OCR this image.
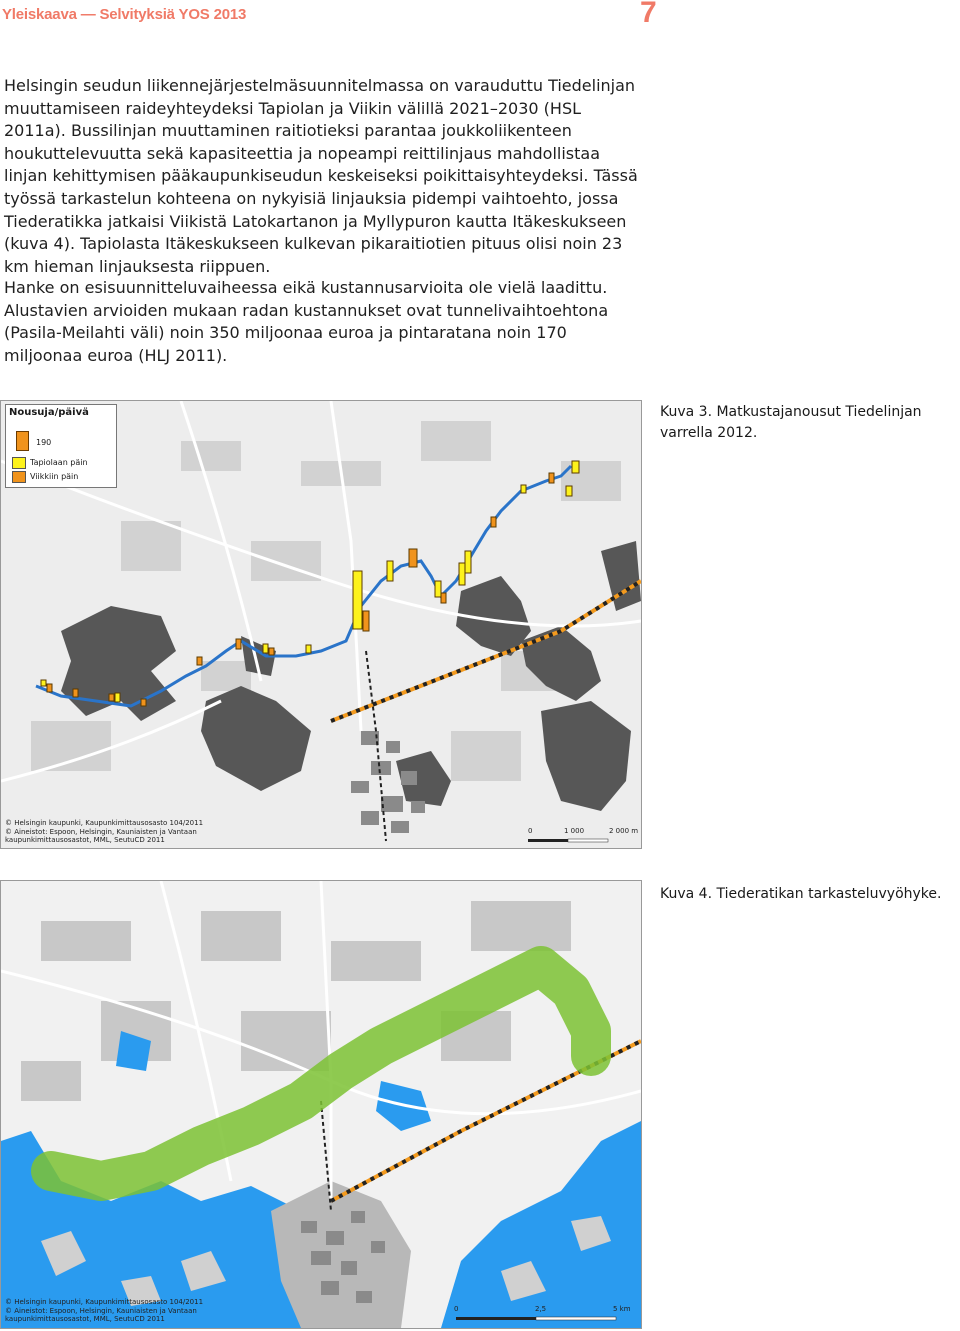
Yleiskaava — Selvityksiä YOS 2013	7

Helsingin seudun liikennejärjestelmäsuunnitelmassa on varauduttu Tiedelinjan muuttamiseen raideyhteydeksi Tapiolan ja Viikin välillä 2021–2030 (HSL 2011a). Bussilinjan muuttaminen raitiotieksi parantaa joukkoliikenteen houkuttelevuutta sekä kapasiteettia ja nopeampi reittilinjaus mahdollistaa linjan kehittymisen pääkaupunkiseudun keskeiseksi poikittaisyhteydeksi. Tässä työssä tarkastelun kohteena on nykyisiä linjauksia pidempi vaihtoehto, jossa Tiederatikka jatkaisi Viikistä Latokartanon ja Myllypuron kautta Itäkeskukseen (kuva 4). Tapiolasta Itäkeskukseen kulkevan pikaraitiotien pituus olisi noin 23 km hieman linjauksesta riippuen.

Hanke on esisuunnitteluvaiheessa eikä kustannusarvioita ole vielä laadittu. Alustavien arvioiden mukaan radan kustannukset ovat tunnelivaihtoehtona (Pasila-Meilahti väli) noin 350 miljoonaa euroa ja pintaratana noin 170 miljoonaa euroa (HLJ 2011).

Nousuja/päivä
190
Tapiolaan päin
Viikkiin päin
© Helsingin kaupunki, Kaupunkimittausosasto 104/2011
© Aineistot: Espoon, Helsingin, Kauniaisten ja Vantaan
kaupunkimittausosastot, MML, SeutuCD 2011
0	1 000	2 000 m

Kuva 3. Matkustajanousut Tiedelinjan varrella 2012.

© Helsingin kaupunki, Kaupunkimittausosasto 104/2011
© Aineistot: Espoon, Helsingin, Kauniaisten ja Vantaan
kaupunkimittausosastot, MML, SeutuCD 2011
0	2,5	5 km

Kuva 4. Tiederatikan tarkasteluvyöhyke.
